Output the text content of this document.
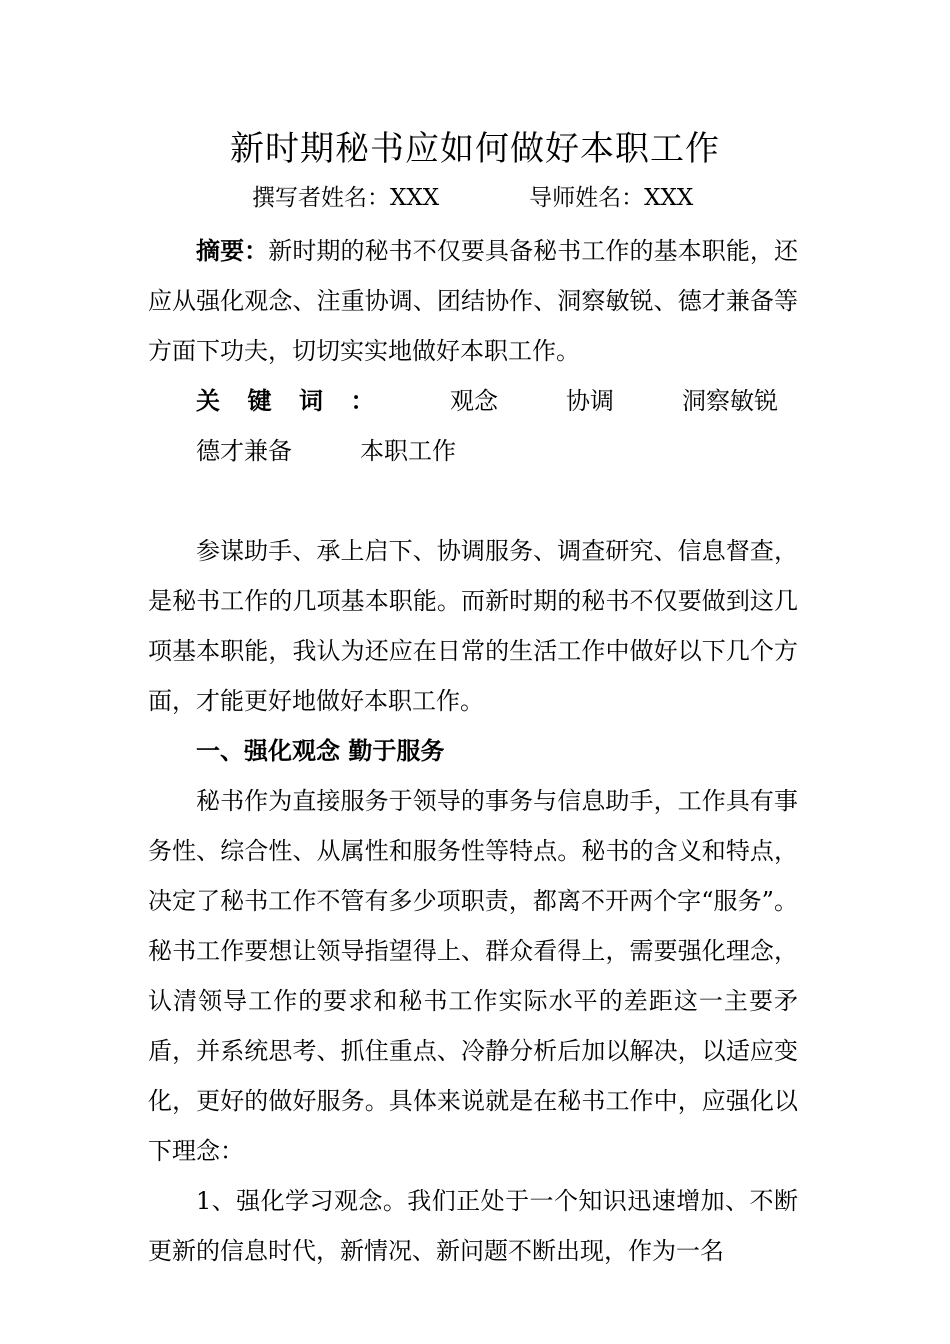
新时期秘书应如何做好本职工作
撰写者姓名：XXX	导师姓名：XXX

摘要：新时期的秘书不仅要具备秘书工作的基本职能，还应从强化观念、注重协调、团结协作、洞察敏锐、德才兼备等方面下功夫，切切实实地做好本职工作。

关键词： 观念	协调	洞察敏锐德才兼备	本职工作

参谋助手、承上启下、协调服务、调查研究、信息督查，是秘书工作的几项基本职能。而新时期的秘书不仅要做到这几项基本职能，我认为还应在日常的生活工作中做好以下几个方面，才能更好地做好本职工作。

一、强化观念 勤于服务

秘书作为直接服务于领导的事务与信息助手，工作具有事务性、综合性、从属性和服务性等特点。秘书的含义和特点，决定了秘书工作不管有多少项职责，都离不开两个字“服务”。秘书工作要想让领导指望得上、群众看得上，需要强化理念，认清领导工作的要求和秘书工作实际水平的差距这一主要矛盾，并系统思考、抓住重点、冷静分析后加以解决，以适应变化，更好的做好服务。具体来说就是在秘书工作中，应强化以下理念：

1、强化学习观念。我们正处于一个知识迅速增加、不断更新的信息时代，新情况、新问题不断出现，作为一名
